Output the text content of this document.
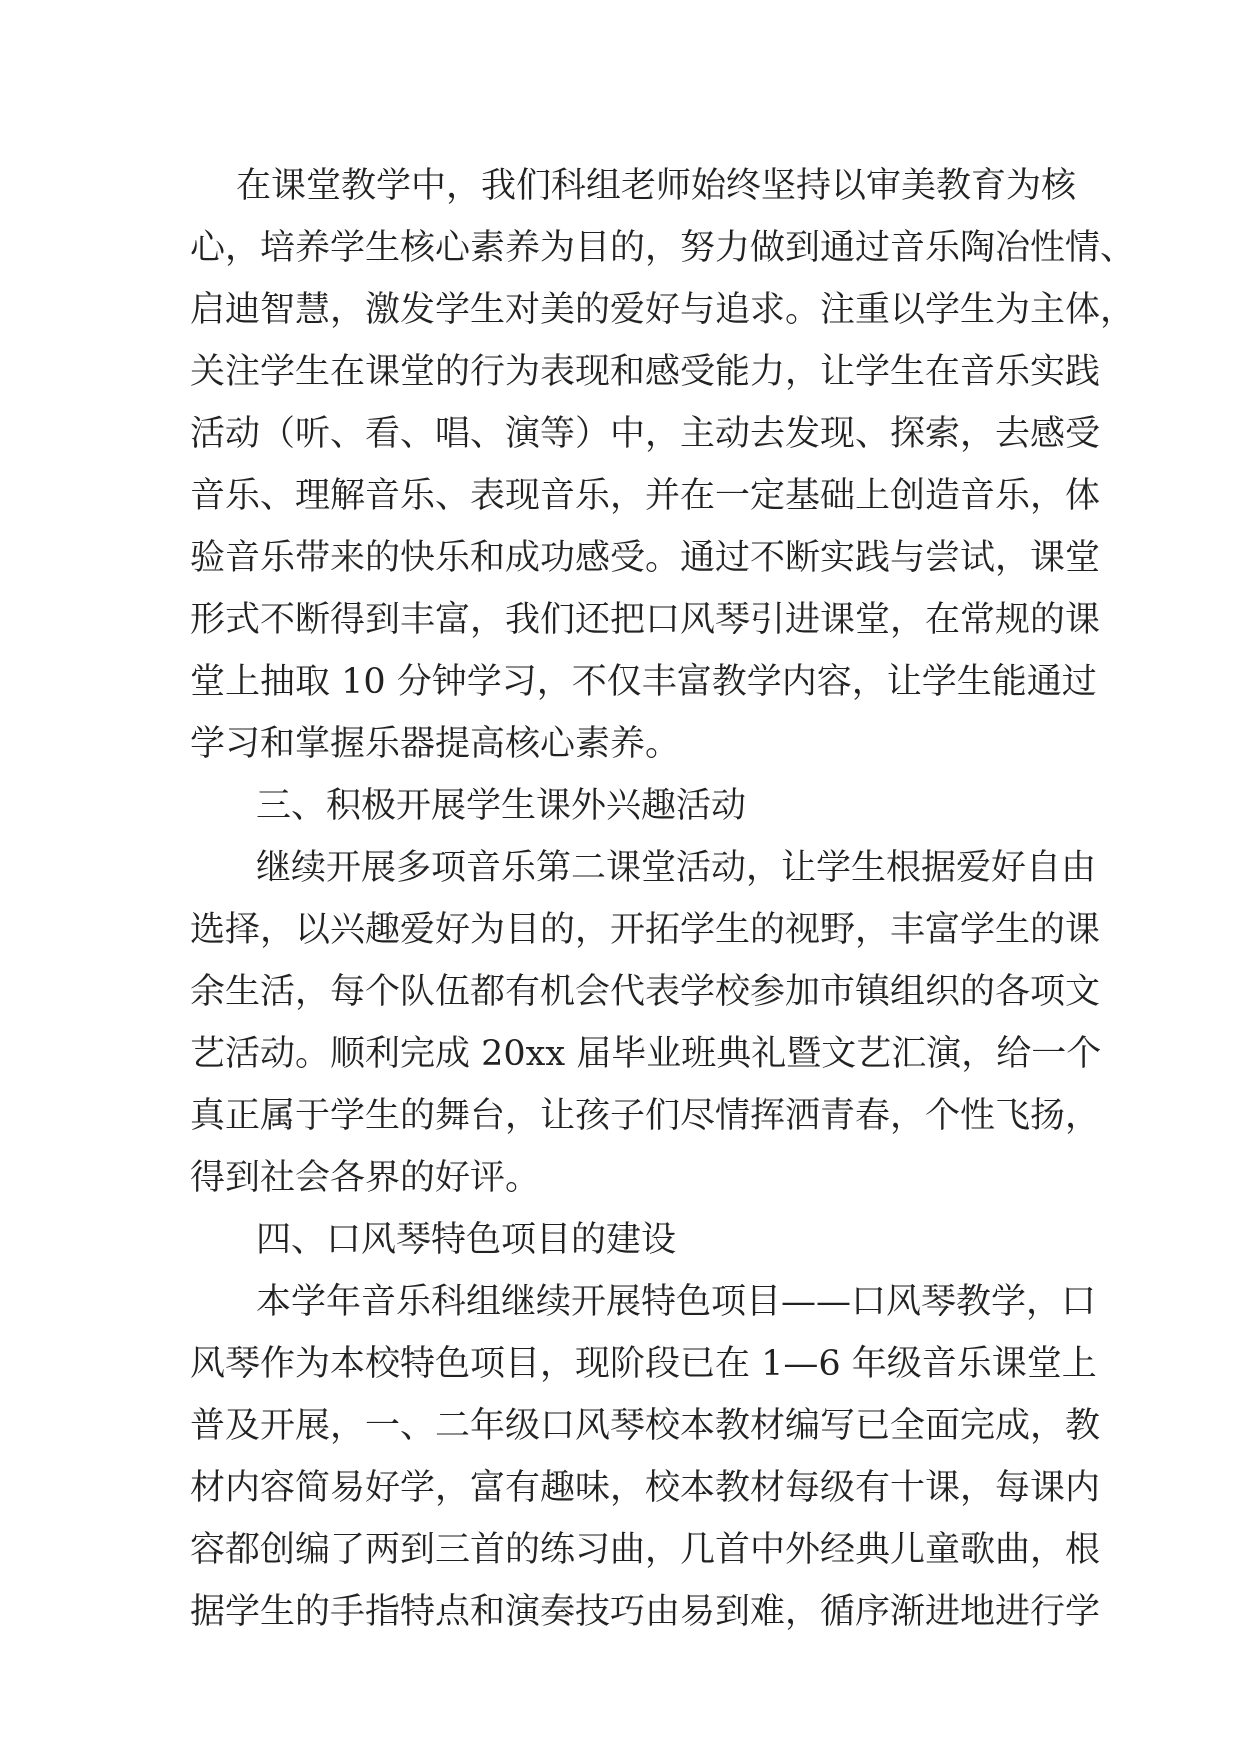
在课堂教学中，我们科组老师始终坚持以审美教育为核
心，培养学生核心素养为目的，努力做到通过音乐陶冶性情、
启迪智慧，激发学生对美的爱好与追求。注重以学生为主体，
关注学生在课堂的行为表现和感受能力，让学生在音乐实践
活动（听、看、唱、演等）中，主动去发现、探索，去感受
音乐、理解音乐、表现音乐，并在一定基础上创造音乐，体
验音乐带来的快乐和成功感受。通过不断实践与尝试，课堂
形式不断得到丰富，我们还把口风琴引进课堂，在常规的课
堂上抽取 10 分钟学习，不仅丰富教学内容，让学生能通过
学习和掌握乐器提高核心素养。
三、积极开展学生课外兴趣活动
继续开展多项音乐第二课堂活动，让学生根据爱好自由
选择，以兴趣爱好为目的，开拓学生的视野，丰富学生的课
余生活，每个队伍都有机会代表学校参加市镇组织的各项文
艺活动。顺利完成 20xx 届毕业班典礼暨文艺汇演，给一个
真正属于学生的舞台，让孩子们尽情挥洒青春，个性飞扬，
得到社会各界的好评。
四、口风琴特色项目的建设
本学年音乐科组继续开展特色项目——口风琴教学，口
风琴作为本校特色项目，现阶段已在 1—6 年级音乐课堂上
普及开展，一、二年级口风琴校本教材编写已全面完成，教
材内容简易好学，富有趣味，校本教材每级有十课，每课内
容都创编了两到三首的练习曲，几首中外经典儿童歌曲，根
据学生的手指特点和演奏技巧由易到难，循序渐进地进行学
